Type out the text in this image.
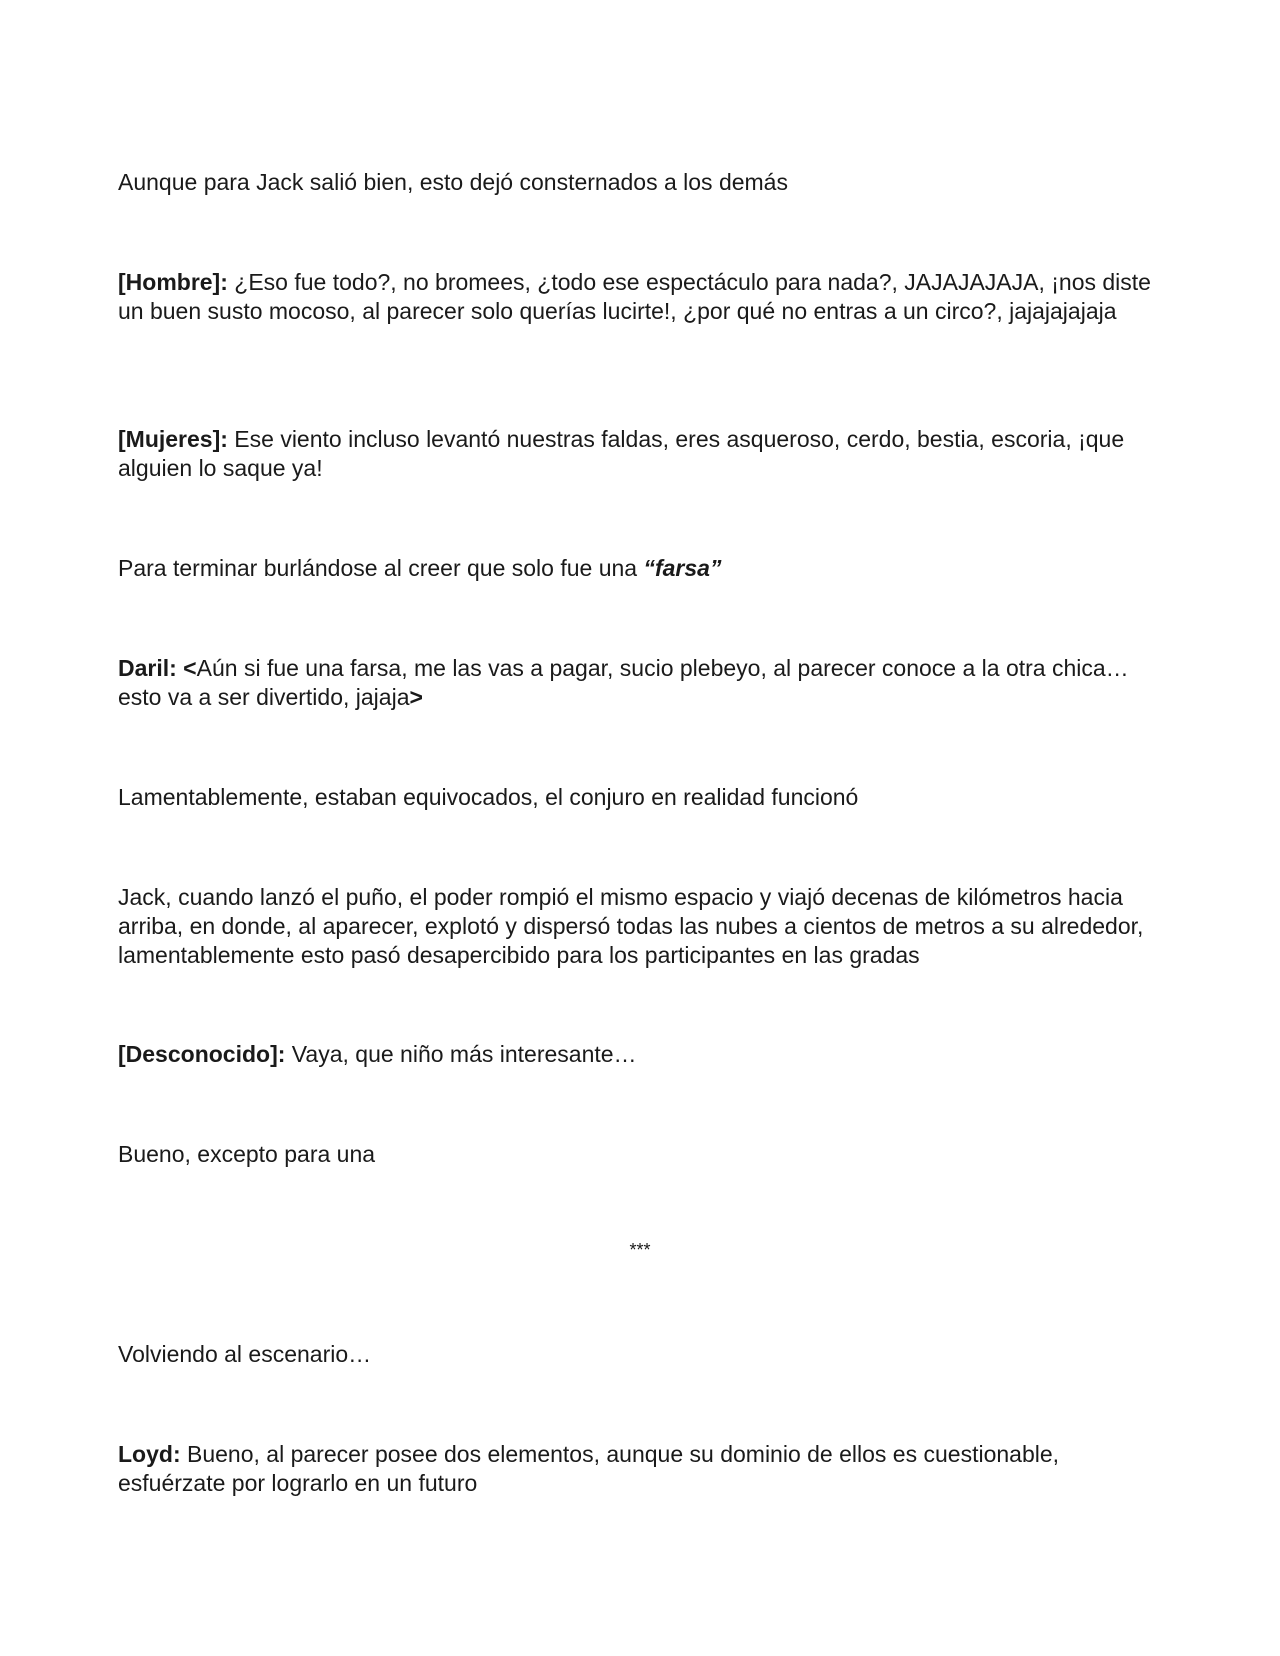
Aunque para Jack salió bien, esto dejó consternados a los demás

[Hombre]: ¿Eso fue todo?, no bromees, ¿todo ese espectáculo para nada?, JAJAJAJAJA, ¡nos diste un buen susto mocoso, al parecer solo querías lucirte!, ¿por qué no entras a un circo?, jajajajajaja

[Mujeres]: Ese viento incluso levantó nuestras faldas, eres asqueroso, cerdo, bestia, escoria, ¡que alguien lo saque ya!

Para terminar burlándose al creer que solo fue una “farsa”

Daril: <Aún si fue una farsa, me las vas a pagar, sucio plebeyo, al parecer conoce a la otra chica… esto va a ser divertido, jajaja>

Lamentablemente, estaban equivocados, el conjuro en realidad funcionó

Jack, cuando lanzó el puño, el poder rompió el mismo espacio y viajó decenas de kilómetros hacia arriba, en donde, al aparecer, explotó y dispersó todas las nubes a cientos de metros a su alrededor, lamentablemente esto pasó desapercibido para los participantes en las gradas

[Desconocido]: Vaya, que niño más interesante…

Bueno, excepto para una

***

Volviendo al escenario…

Loyd: Bueno, al parecer posee dos elementos, aunque su dominio de ellos es cuestionable, esfuérzate por lograrlo en un futuro
